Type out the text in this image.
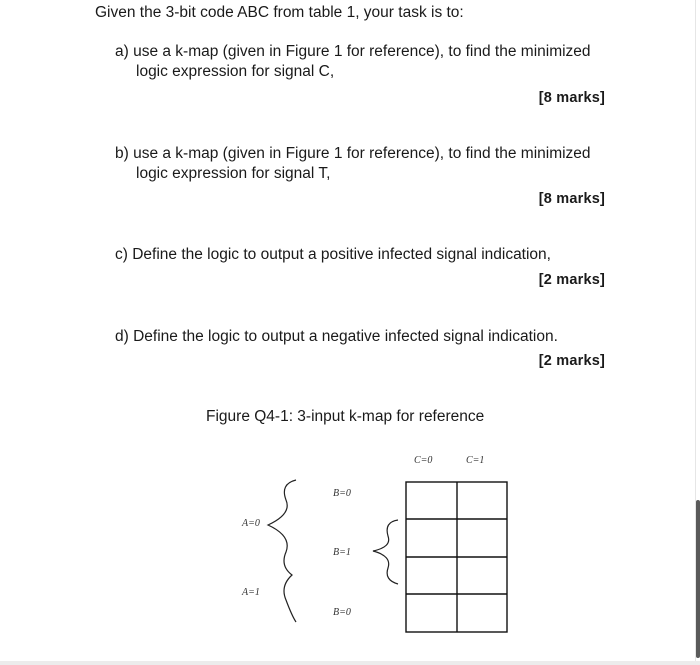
Given the 3-bit code ABC from table 1, your task is to:
a) use a k-map (given in Figure 1 for reference), to find the minimized
logic expression for signal C,
[8 marks]
b) use a k-map (given in Figure 1 for reference), to find the minimized
logic expression for signal T,
[8 marks]
c) Define the logic to output a positive infected signal indication,
[2 marks]
d) Define the logic to output a negative infected signal indication.
[2 marks]
Figure Q4-1: 3-input k-map for reference
C=0	C=1
B=0
B=1
B=0
A=0
A=1
